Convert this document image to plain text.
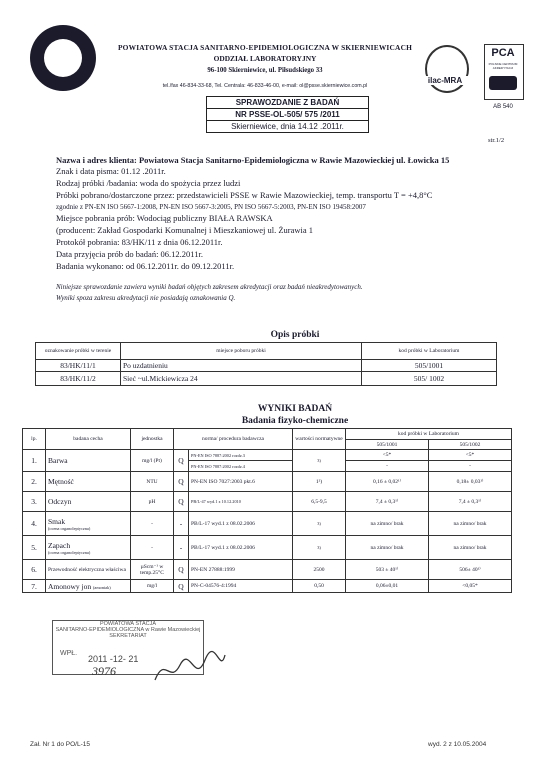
POWIATOWA STACJA SANITARNO-EPIDEMIOLOGICZNA W SKIERNIEWICACH
ODDZIAŁ LABORATORYJNY
96-100 Skierniewice, ul. Piłsudskiego 33
tel./fax 46-834-33-68, Tel. Centrala: 46-833-46-00, e-mail: ol@psse.skierniewice.com.pl
ilac-MRA
PCA
POLSKIE CENTRUM AKREDYTACJI
AB 540
SPRAWOZDANIE Z BADAŃ
NR PSSE-OL-505/ 575 /2011
Skierniewice, dnia 14.12 .2011r.
str.1/2
Nazwa i adres klienta: Powiatowa Stacja Sanitarno-Epidemiologiczna w Rawie Mazowieckiej ul. Łowicka 15
Znak i data pisma: 01.12 .2011r.
Rodzaj próbki /badania: woda do spożycia przez ludzi
Próbki pobrano/dostarczone przez: przedstawicieli PSSE w Rawie Mazowieckiej, temp. transportu T = +4,8°C
zgodnie z PN-EN ISO 5667-1:2008, PN-EN ISO 5667-3:2005, PN ISO 5667-5:2003, PN-EN ISO 19458:2007
Miejsce pobrania prób: Wodociąg publiczny BIAŁA RAWSKA
(producent: Zakład Gospodarki Komunalnej i Mieszkaniowej ul. Żurawia 1
Protokół pobrania: 83/HK/11 z dnia 06.12.2011r.
Data przyjęcia prób do badań: 06.12.2011r.
Badania wykonano: od 06.12.2011r. do 09.12.2011r.
Niniejsze sprawozdanie zawiera wyniki badań objętych zakresem akredytacji oraz badań nieakredytowanych.
Wyniki spoza zakresu akredytacji nie posiadają oznakowania Q.
Opis próbki
oznakowanie próbki w terenie	miejsce poboru próbki	kod próbki w Laboratorium
83/HK/11/1	Po uzdatnieniu	505/1001
83/HK/11/2	Sieć ~ul.Mickiewicza 24	505/ 1002
WYNIKI BADAŃ
Badania fizyko-chemiczne
lp.	badana cecha	jednostka	norma/ procedura badawcza		wartości normatywne	kod próbki w Laboratorium	
						505/1001	505/1002
1.	Barwa	mg/l (Pt)	Q	PN-EN ISO 7887:2002 rozdz.3	3)	<5*	<5*
				PN-EN ISO 7887:2002 rozdz.4		-	-
2.	Mętność	NTU	Q	PN-EN ISO 7027:2003 pkt.6	1²)	0,16 ± 0,02¹⁾	0,18± 0,03¹⁾
3.	Odczyn	pH	Q	PB/L-47 wyd.1 z 10.12.2010	6,5-9,5	7,4 ± 0,3¹⁾	7,4 ± 0,3¹⁾
4.	Smak
(ocena organoleptyczna)	-	-	PB/L-17 wyd.1 z 08.02.2006	3)	na zimno/ brak	na zimno/ brak
5.	Zapach
(ocena organoleptyczna)	-	-	PB/L-17 wyd.1 z 08.02.2006	3)	na zimno/ brak	na zimno/ brak
6.	Przewodność elektryczna właściwa	µScm⁻¹ w temp.25°C	Q	PN-EN 27888:1999	2500	503 ± 40¹⁾	506± 40¹⁾
7.	Amonowy jon (amoniak)	mg/l	Q	PN-C-04576-4:1994	0,50	0,06±0,01	<0,05*
POWIATOWA STACJA
SANITARNO-EPIDEMIOLOGICZNA w Rawie Mazowieckiej
SEKRETARIAT
WPŁ.
2011 -12- 21
3976
Zał. Nr 1 do PO/L-15	wyd. 2 z 10.05.2004
